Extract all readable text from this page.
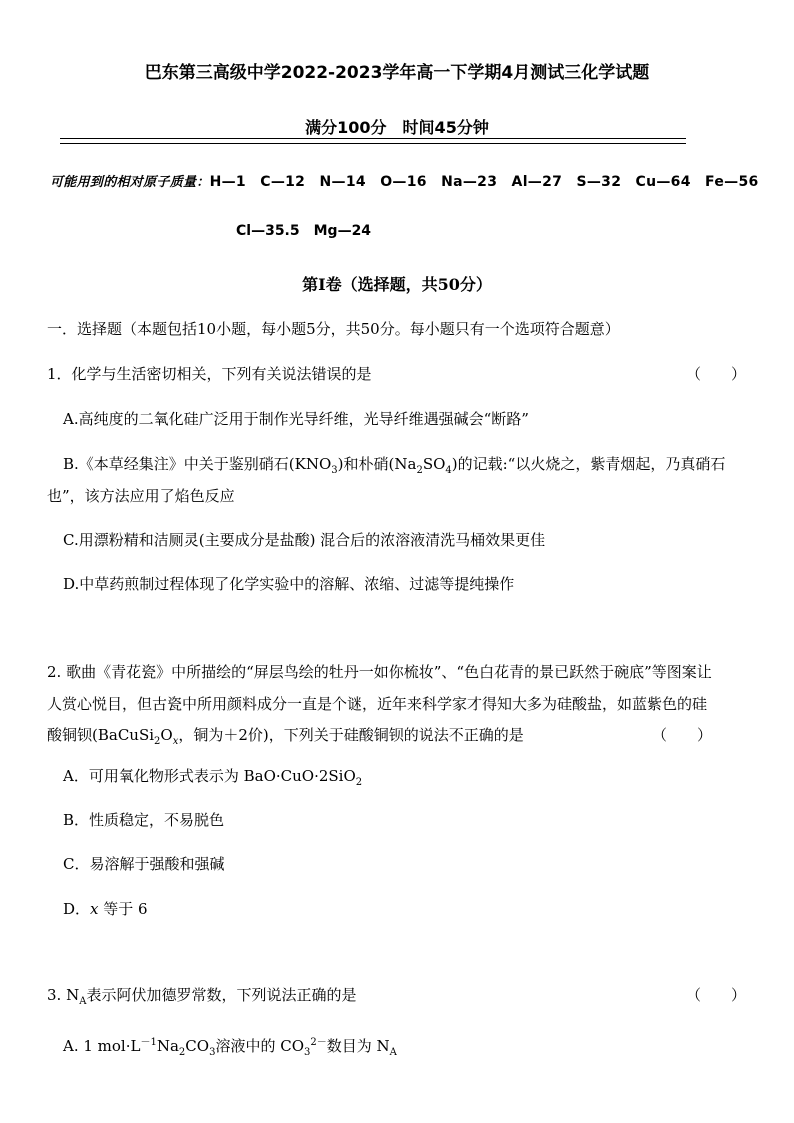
巴东第三高级中学2022-2023学年高一下学期4月测试三化学试题
满分100分　时间45分钟
可能用到的相对原子质量：H—1　C—12　N—14　O—16　Na—23　Al—27　S—32　Cu—64　Fe—56
Cl—35.5　Mg—24
第Ⅰ卷（选择题，共50分）
一．选择题（本题包括10小题，每小题5分，共50分。每小题只有一个选项符合题意）
1．化学与生活密切相关，下列有关说法错误的是	（　　）
A.高纯度的二氧化硅广泛用于制作光导纤维，光导纤维遇强碱会“断路”
B.《本草经集注》中关于鉴别硝石$(KNO_3)$和朴硝$(Na_2SO_4)$的记载:“以火烧之，紫青烟起，乃真硝石
也”，该方法应用了焰色反应
C.用漂粉精和洁厕灵(主要成分是盐酸) 混合后的浓溶液清洗马桶效果更佳
D.中草药煎制过程体现了化学实验中的溶解、浓缩、过滤等提纯操作
2. 歌曲《青花瓷》中所描绘的“屏层鸟绘的牡丹一如你梳妆”、“色白花青的景已跃然于碗底”等图案让
人赏心悦目，但古瓷中所用颜料成分一直是个谜，近年来科学家才得知大多为硅酸盐，如蓝紫色的硅
酸铜钡($BaCuSi_2O_x$，铜为＋2价)，下列关于硅酸铜钡的说法不正确的是	（　　）
A．可用氧化物形式表示为 BaO·CuO·2SiO$_2$
B．性质稳定，不易脱色
C．易溶解于强酸和强碱
D．x 等于 6
3. $N_A$表示阿伏加德罗常数，下列说法正确的是	（　　）
A. 1 $mol\cdot L^{-1}Na_2CO_3$溶液中的 $CO_3^{2-}$数目为 $N_A$
